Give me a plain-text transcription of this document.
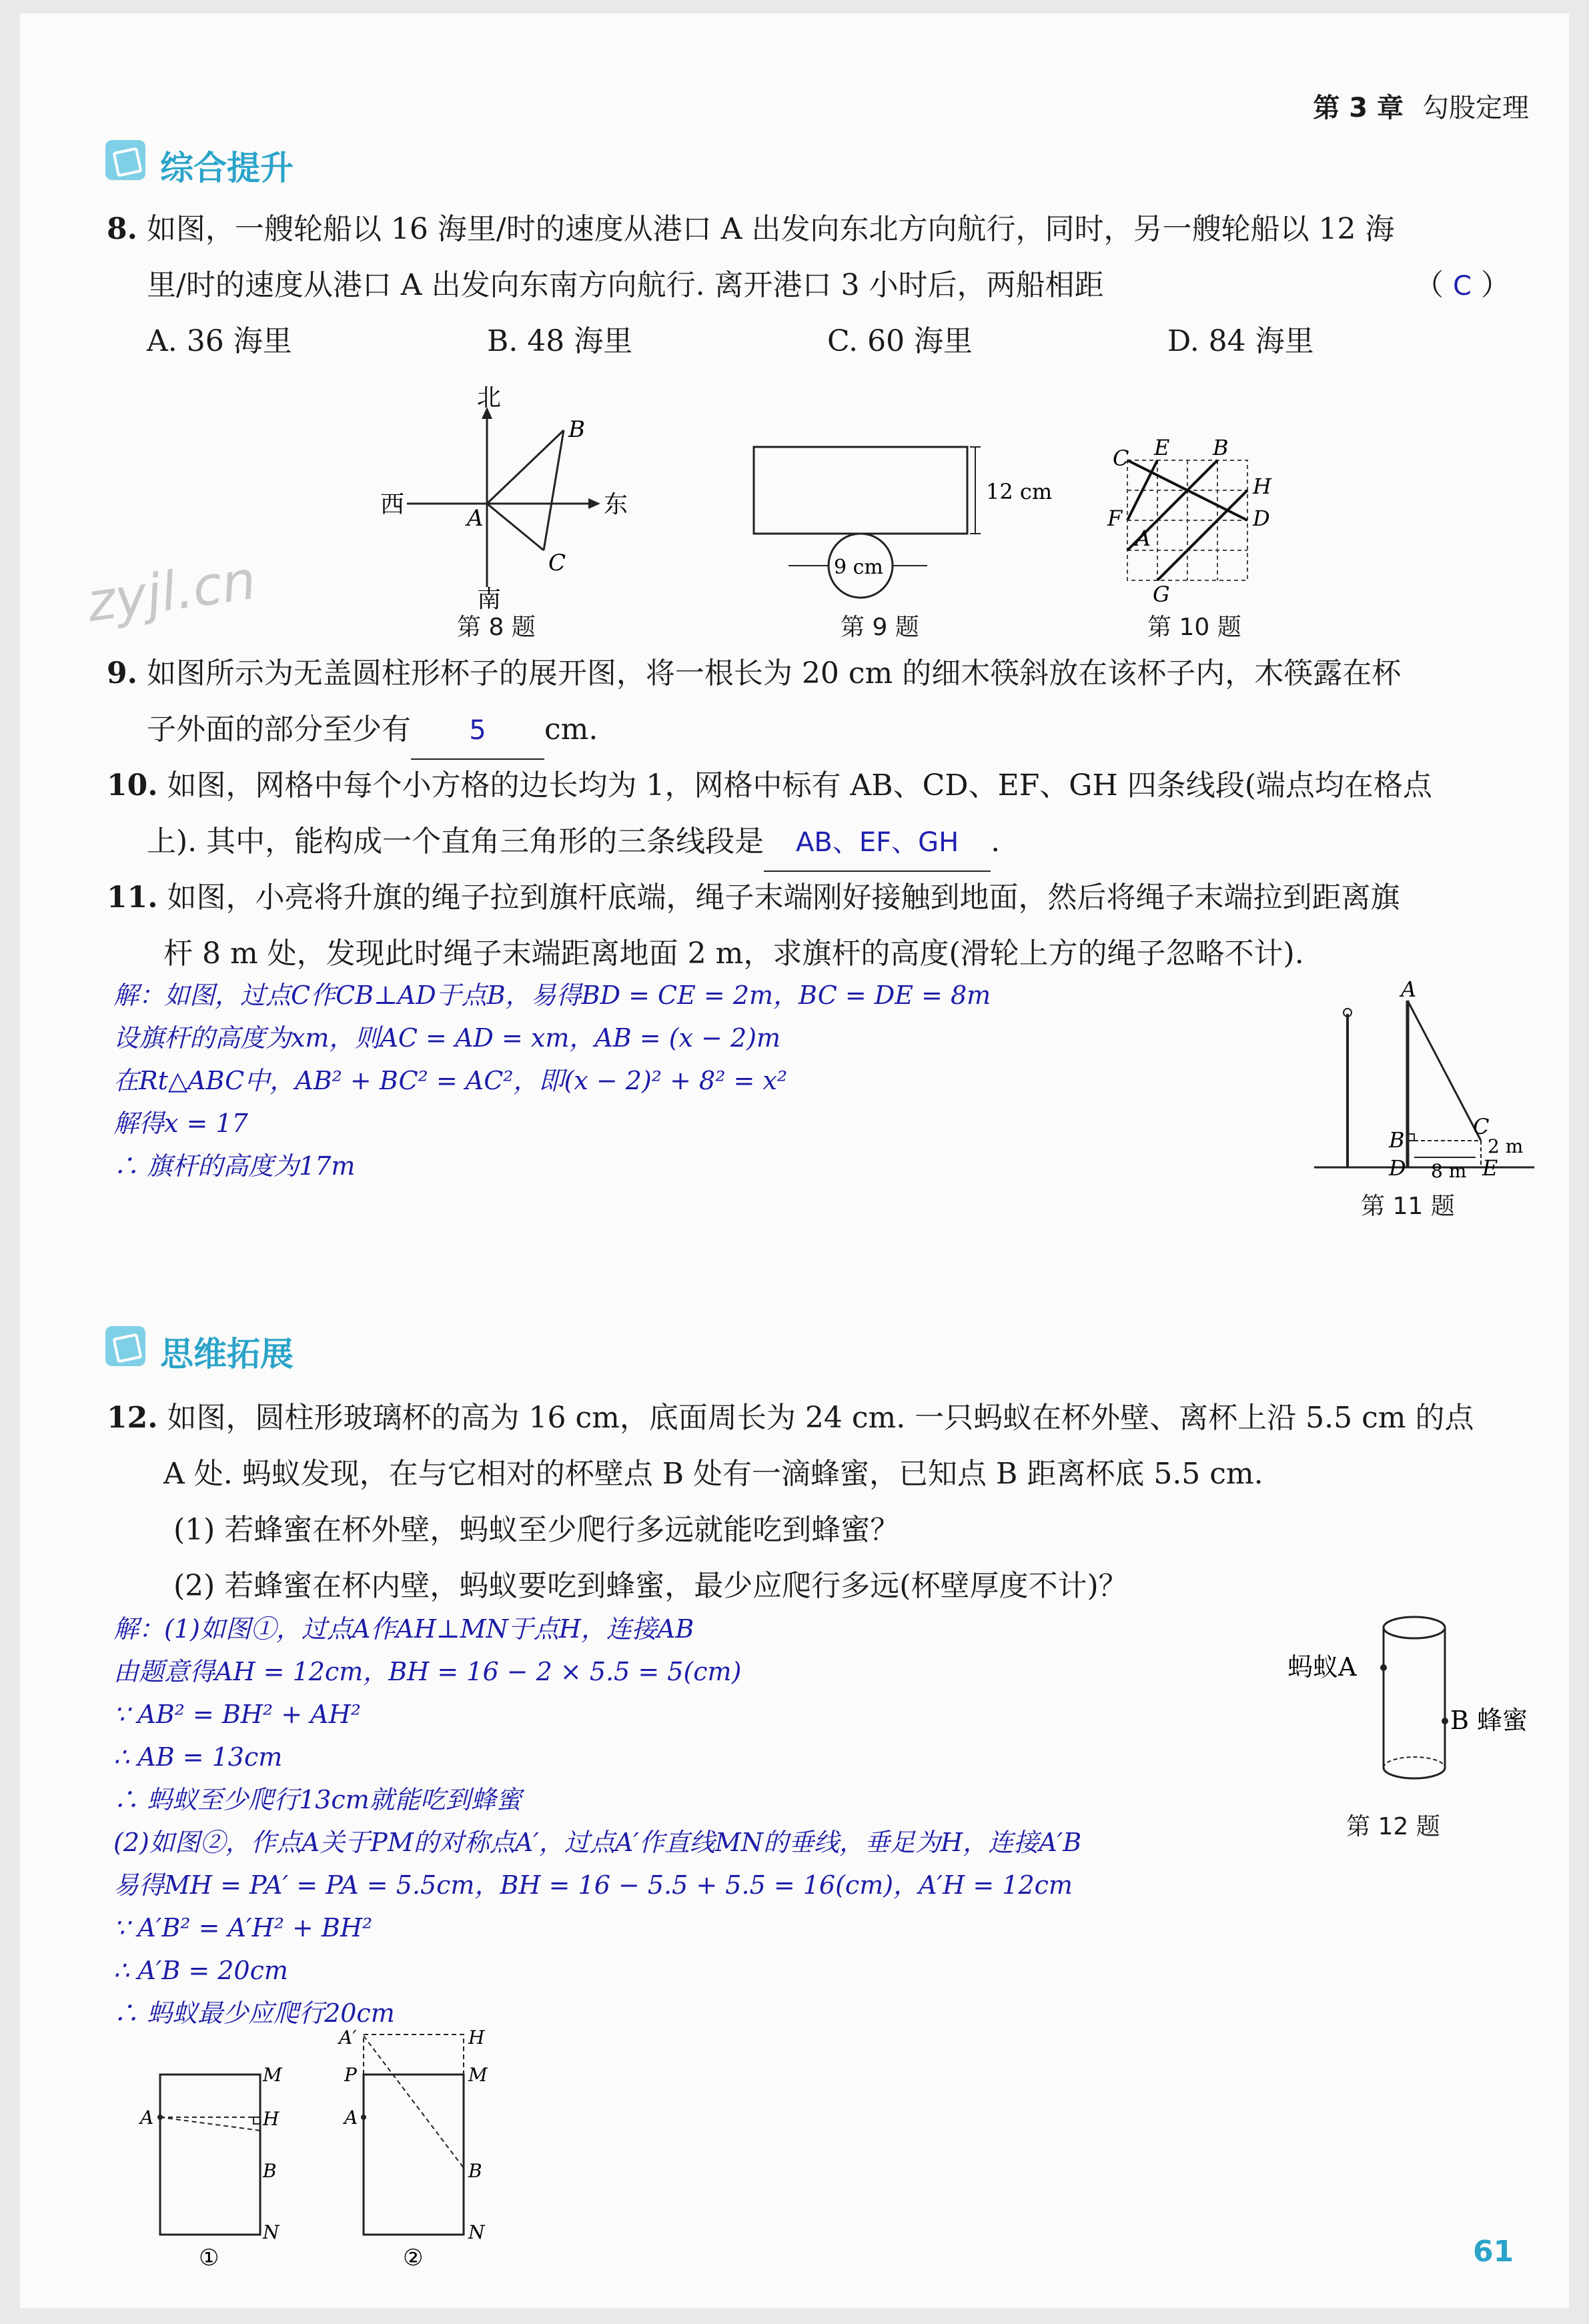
第 3 章 勾股定理
综合提升
8. 如图，一艘轮船以 16 海里/时的速度从港口 A 出发向东北方向航行，同时，另一艘轮船以 12 海
里/时的速度从港口 A 出发向东南方向航行. 离开港口 3 小时后，两船相距	（ C ）
A. 36 海里	B. 48 海里	C. 60 海里	D. 84 海里
zyjl.cn
北
南
西	东
A
B
C
第 8 题
12 cm
9 cm
第 9 题
C E B
H
D
F
A
G
第 10 题
9. 如图所示为无盖圆柱形杯子的展开图，将一根长为 20 cm 的细木筷斜放在该杯子内，木筷露在杯
子外面的部分至少有 5 cm.
10. 如图，网格中每个小方格的边长均为 1，网格中标有 AB、CD、EF、GH 四条线段(端点均在格点
上). 其中，能构成一个直角三角形的三条线段是 AB、EF、GH .
11. 如图，小亮将升旗的绳子拉到旗杆底端，绳子末端刚好接触到地面，然后将绳子末端拉到距离旗
杆 8 m 处，发现此时绳子末端距离地面 2 m，求旗杆的高度(滑轮上方的绳子忽略不计).
解：如图，过点C作CB⊥AD于点B，易得BD = CE = 2m，BC = DE = 8m
设旗杆的高度为xm，则AC = AD = xm，AB = (x − 2)m
在Rt△ABC中，AB² + BC² = AC²，即(x − 2)² + 8² = x²
解得x = 17
∴ 旗杆的高度为17m
A
B
C
D	E
2 m
8 m
第 11 题
思维拓展
12. 如图，圆柱形玻璃杯的高为 16 cm，底面周长为 24 cm. 一只蚂蚁在杯外壁、离杯上沿 5.5 cm 的点
A 处. 蚂蚁发现，在与它相对的杯壁点 B 处有一滴蜂蜜，已知点 B 距离杯底 5.5 cm.
(1) 若蜂蜜在杯外壁，蚂蚁至少爬行多远就能吃到蜂蜜？
(2) 若蜂蜜在杯内壁，蚂蚁要吃到蜂蜜，最少应爬行多远(杯壁厚度不计)？
解：(1)如图①，过点A作AH⊥MN于点H，连接AB
由题意得AH = 12cm，BH = 16 − 2 × 5.5 = 5(cm)
∵ AB² = BH² + AH²
∴ AB = 13cm
∴ 蚂蚁至少爬行13cm就能吃到蜂蜜
(2)如图②，作点A关于PM的对称点A′，过点A′作直线MN的垂线，垂足为H，连接A′B
易得MH = PA′ = PA = 5.5cm，BH = 16 − 5.5 + 5.5 = 16(cm)，A′H = 12cm
∵ A′B² = A′H² + BH²
∴ A′B = 20cm
∴ 蚂蚁最少应爬行20cm
蚂蚁A
B 蜂蜜
第 12 题
M
H
B
N
A
①
A′	H
P	M
A
B
N
②	61
